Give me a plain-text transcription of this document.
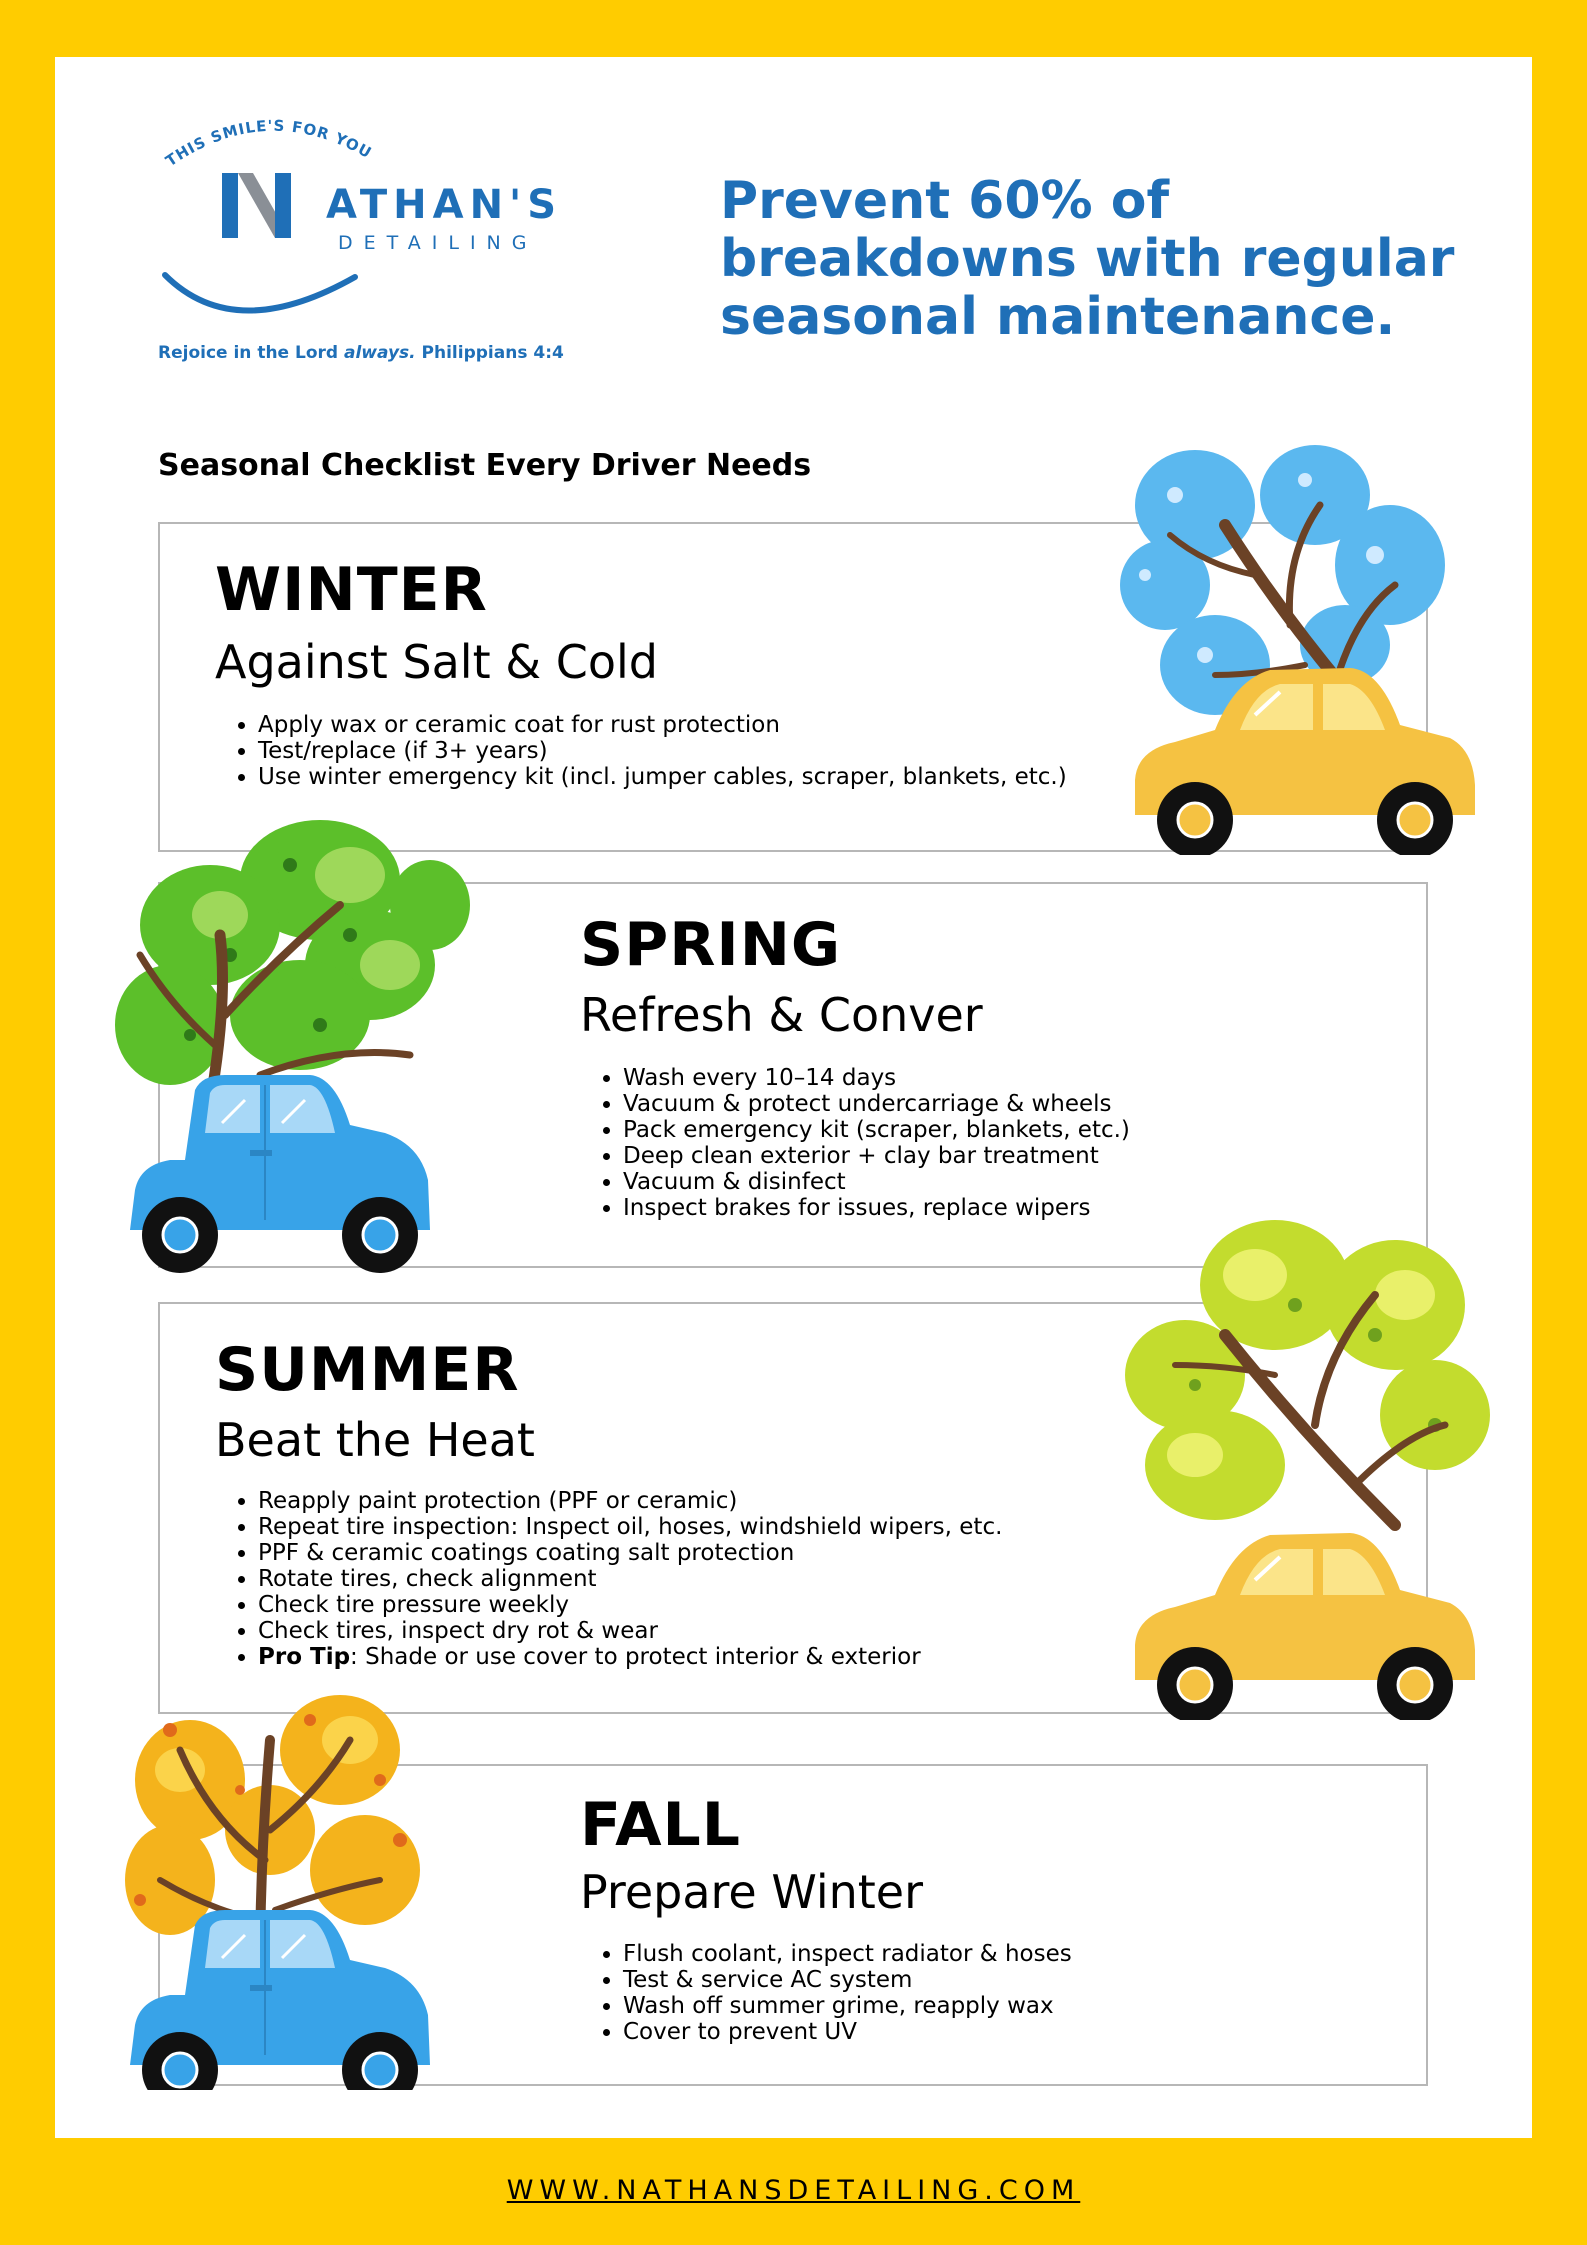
THIS SMILE'S FOR YOU
ATHAN'S
DETAILING
Rejoice in the Lord always. Philippians 4:4

Prevent 60% of breakdowns with regular seasonal maintenance.

Seasonal Checklist Every Driver Needs

WINTER
Against Salt & Cold
• Apply wax or ceramic coat for rust protection
• Test/replace (if 3+ years)
• Use winter emergency kit (incl. jumper cables, scraper, blankets, etc.)
SPRING
Refresh & Conver
• Wash every 10–14 days
• Vacuum & protect undercarriage & wheels
• Pack emergency kit (scraper, blankets, etc.)
• Deep clean exterior + clay bar treatment
• Vacuum & disinfect
• Inspect brakes for issues, replace wipers
SUMMER
Beat the Heat
• Reapply paint protection (PPF or ceramic)
• Repeat tire inspection: Inspect oil, hoses, windshield wipers, etc.
• PPF & ceramic coatings coating salt protection
• Rotate tires, check alignment
• Check tire pressure weekly
• Check tires, inspect dry rot & wear
• Pro Tip: Shade or use cover to protect interior & exterior
FALL
Prepare Winter
• Flush coolant, inspect radiator & hoses
• Test & service AC system
• Wash off summer grime, reapply wax
• Cover to prevent UV
WWW.NATHANSDETAILING.COM
